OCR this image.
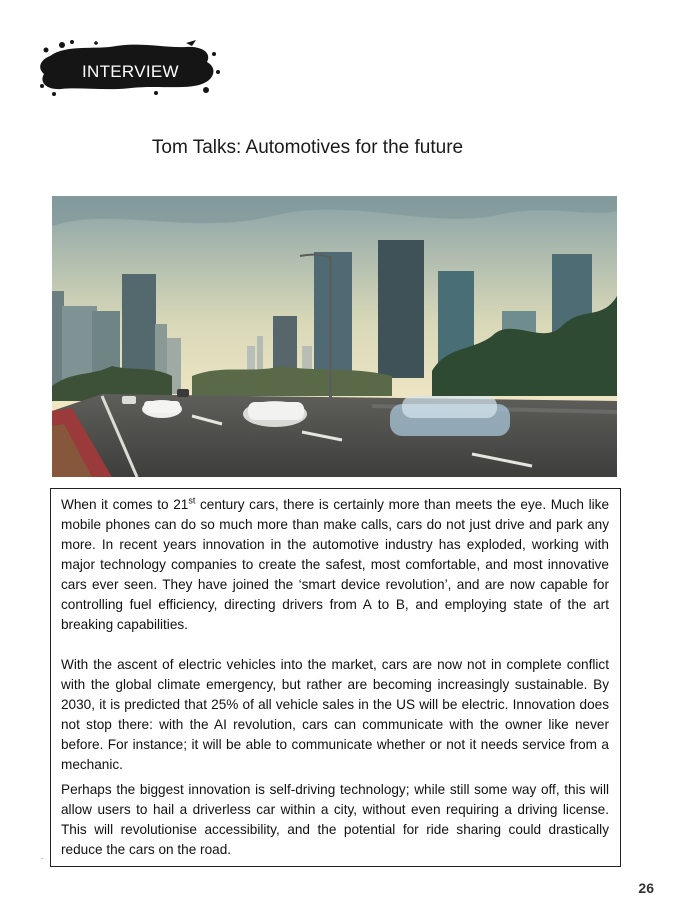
INTERVIEW
Tom Talks: Automotives for the future

When it comes to 21st century cars, there is certainly more than meets the eye. Much like mobile phones can do so much more than make calls, cars do not just drive and park any more. In recent years innovation in the automotive industry has exploded, working with major technology companies to create the safest, most comfortable, and most innovative cars ever seen. They have joined the ‘smart device revolution’, and are now capable for controlling fuel efficiency, directing drivers from A to B, and employing state of the art breaking capabilities.

With the ascent of electric vehicles into the market, cars are now not in complete conflict with the global climate emergency, but rather are becoming increasingly sustainable. By 2030, it is predicted that 25% of all vehicle sales in the US will be electric. Innovation does not stop there: with the AI revolution, cars can communicate with the owner like never before. For instance; it will be able to communicate whether or not it needs service from a mechanic.

Perhaps the biggest innovation is self-driving technology; while still some way off, this will allow users to hail a driverless car within a city, without even requiring a driving license. This will revolutionise accessibility, and the potential for ride sharing could drastically reduce the cars on the road.

.
26
